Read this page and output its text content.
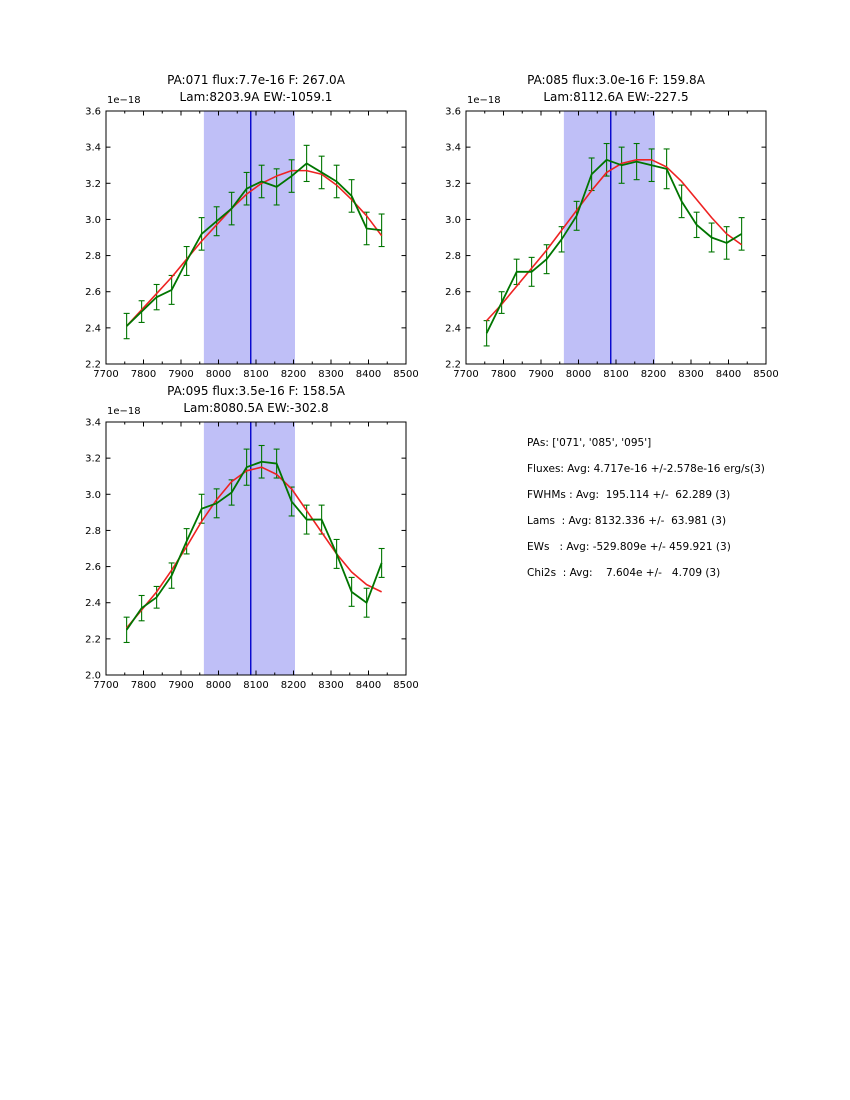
7700 7800 7900 8000 8100 8200 8300 8400 8500
2.2
2.4
2.6
2.8
3.0
3.2
3.4
3.6
7700 7800 7900 8000 8100 8200 8300 8400 8500
2.2
2.4
2.6
2.8
3.0
3.2
3.4
3.6
7700 7800 7900 8000 8100 8200 8300 8400 8500
2.0
2.2
2.4
2.6
2.8
3.0
3.2
3.4
PA:071 flux:7.7e-16 F: 267.0A
Lam:8203.9A EW:-1059.1
1e−18
PA:085 flux:3.0e-16 F: 159.8A
Lam:8112.6A EW:-227.5
1e−18
PA:095 flux:3.5e-16 F: 158.5A
Lam:8080.5A EW:-302.8
1e−18
PAs: ['071', '085', '095']
Fluxes: Avg: 4.717e-16 +/-2.578e-16 erg/s(3)
FWHMs : Avg:  195.114 +/-  62.289 (3)
Lams  : Avg: 8132.336 +/-  63.981 (3)
EWs   : Avg: -529.809e +/- 459.921 (3)
Chi2s  : Avg:    7.604e +/-   4.709 (3)
